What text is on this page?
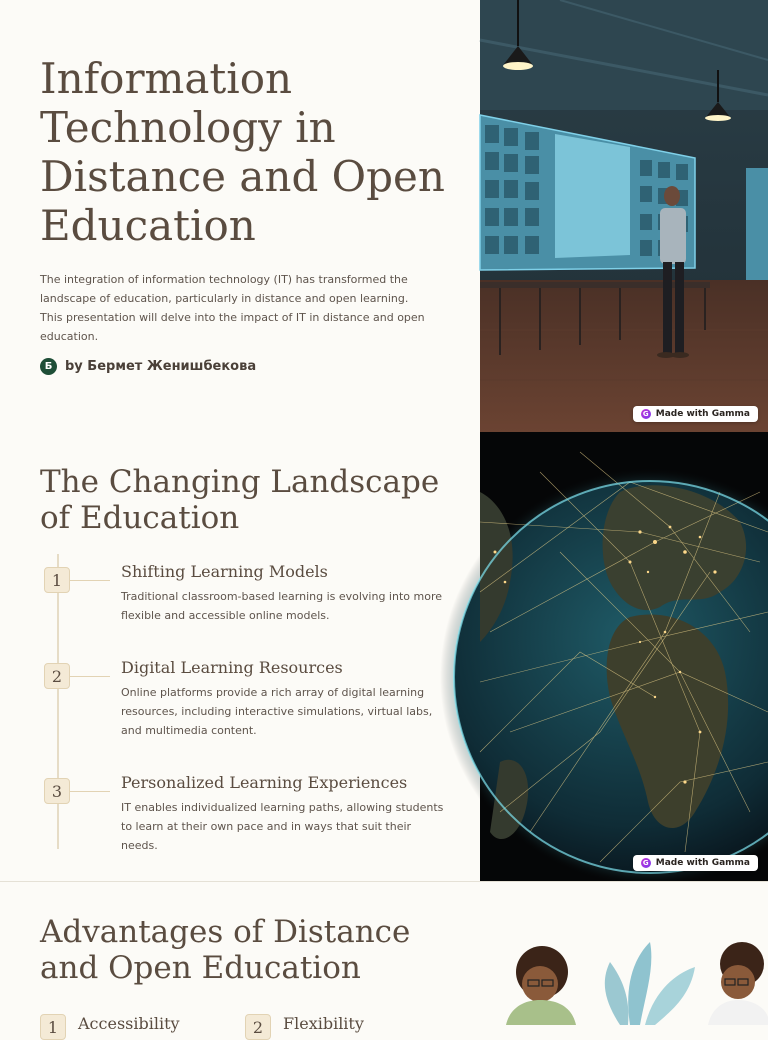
Information Technology in Distance and Open Education

The integration of information technology (IT) has transformed the landscape of education, particularly in distance and open learning. This presentation will delve into the impact of IT in distance and open education.

Б by Бермет Женишбекова
G Made with Gamma
The Changing Landscape of Education
1	Shifting Learning Models
Traditional classroom-based learning is evolving into more flexible and accessible online models.
2	Digital Learning Resources
Online platforms provide a rich array of digital learning resources, including interactive simulations, virtual labs, and multimedia content.
3	Personalized Learning Experiences
IT enables individualized learning paths, allowing students to learn at their own pace and in ways that suit their needs.
G Made with Gamma
Advantages of Distance and Open Education
1	Accessibility	2	Flexibility
